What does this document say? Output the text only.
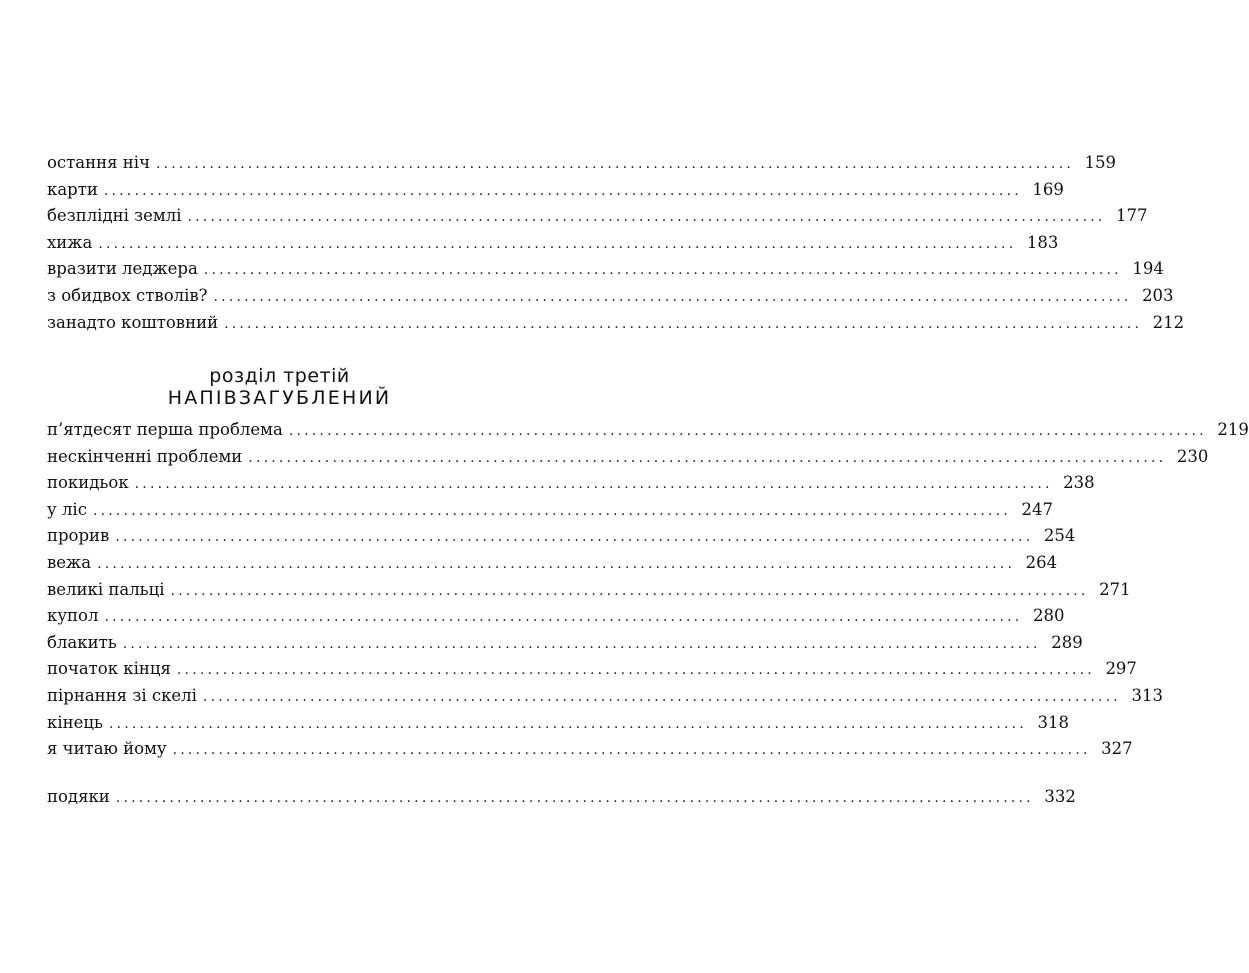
остання ніч ........................................................................................................................ 159
карти ........................................................................................................................ 169
безплідні землі ........................................................................................................................ 177
хижа ........................................................................................................................ 183
вразити леджера ........................................................................................................................ 194
з обидвох стволів? ........................................................................................................................ 203
занадто коштовний ........................................................................................................................ 212
розділ третій
НАПІВЗАГУБЛЕНИЙ
п’ятдесят перша проблема ........................................................................................................................ 219
нескінченні проблеми ........................................................................................................................ 230
покидьок ........................................................................................................................ 238
у ліс ........................................................................................................................ 247
прорив ........................................................................................................................ 254
вежа ........................................................................................................................ 264
великі пальці ........................................................................................................................ 271
купол ........................................................................................................................ 280
блакить ........................................................................................................................ 289
початок кінця ........................................................................................................................ 297
пірнання зі скелі ........................................................................................................................ 313
кінець ........................................................................................................................ 318
я читаю йому ........................................................................................................................ 327
подяки ........................................................................................................................ 332
